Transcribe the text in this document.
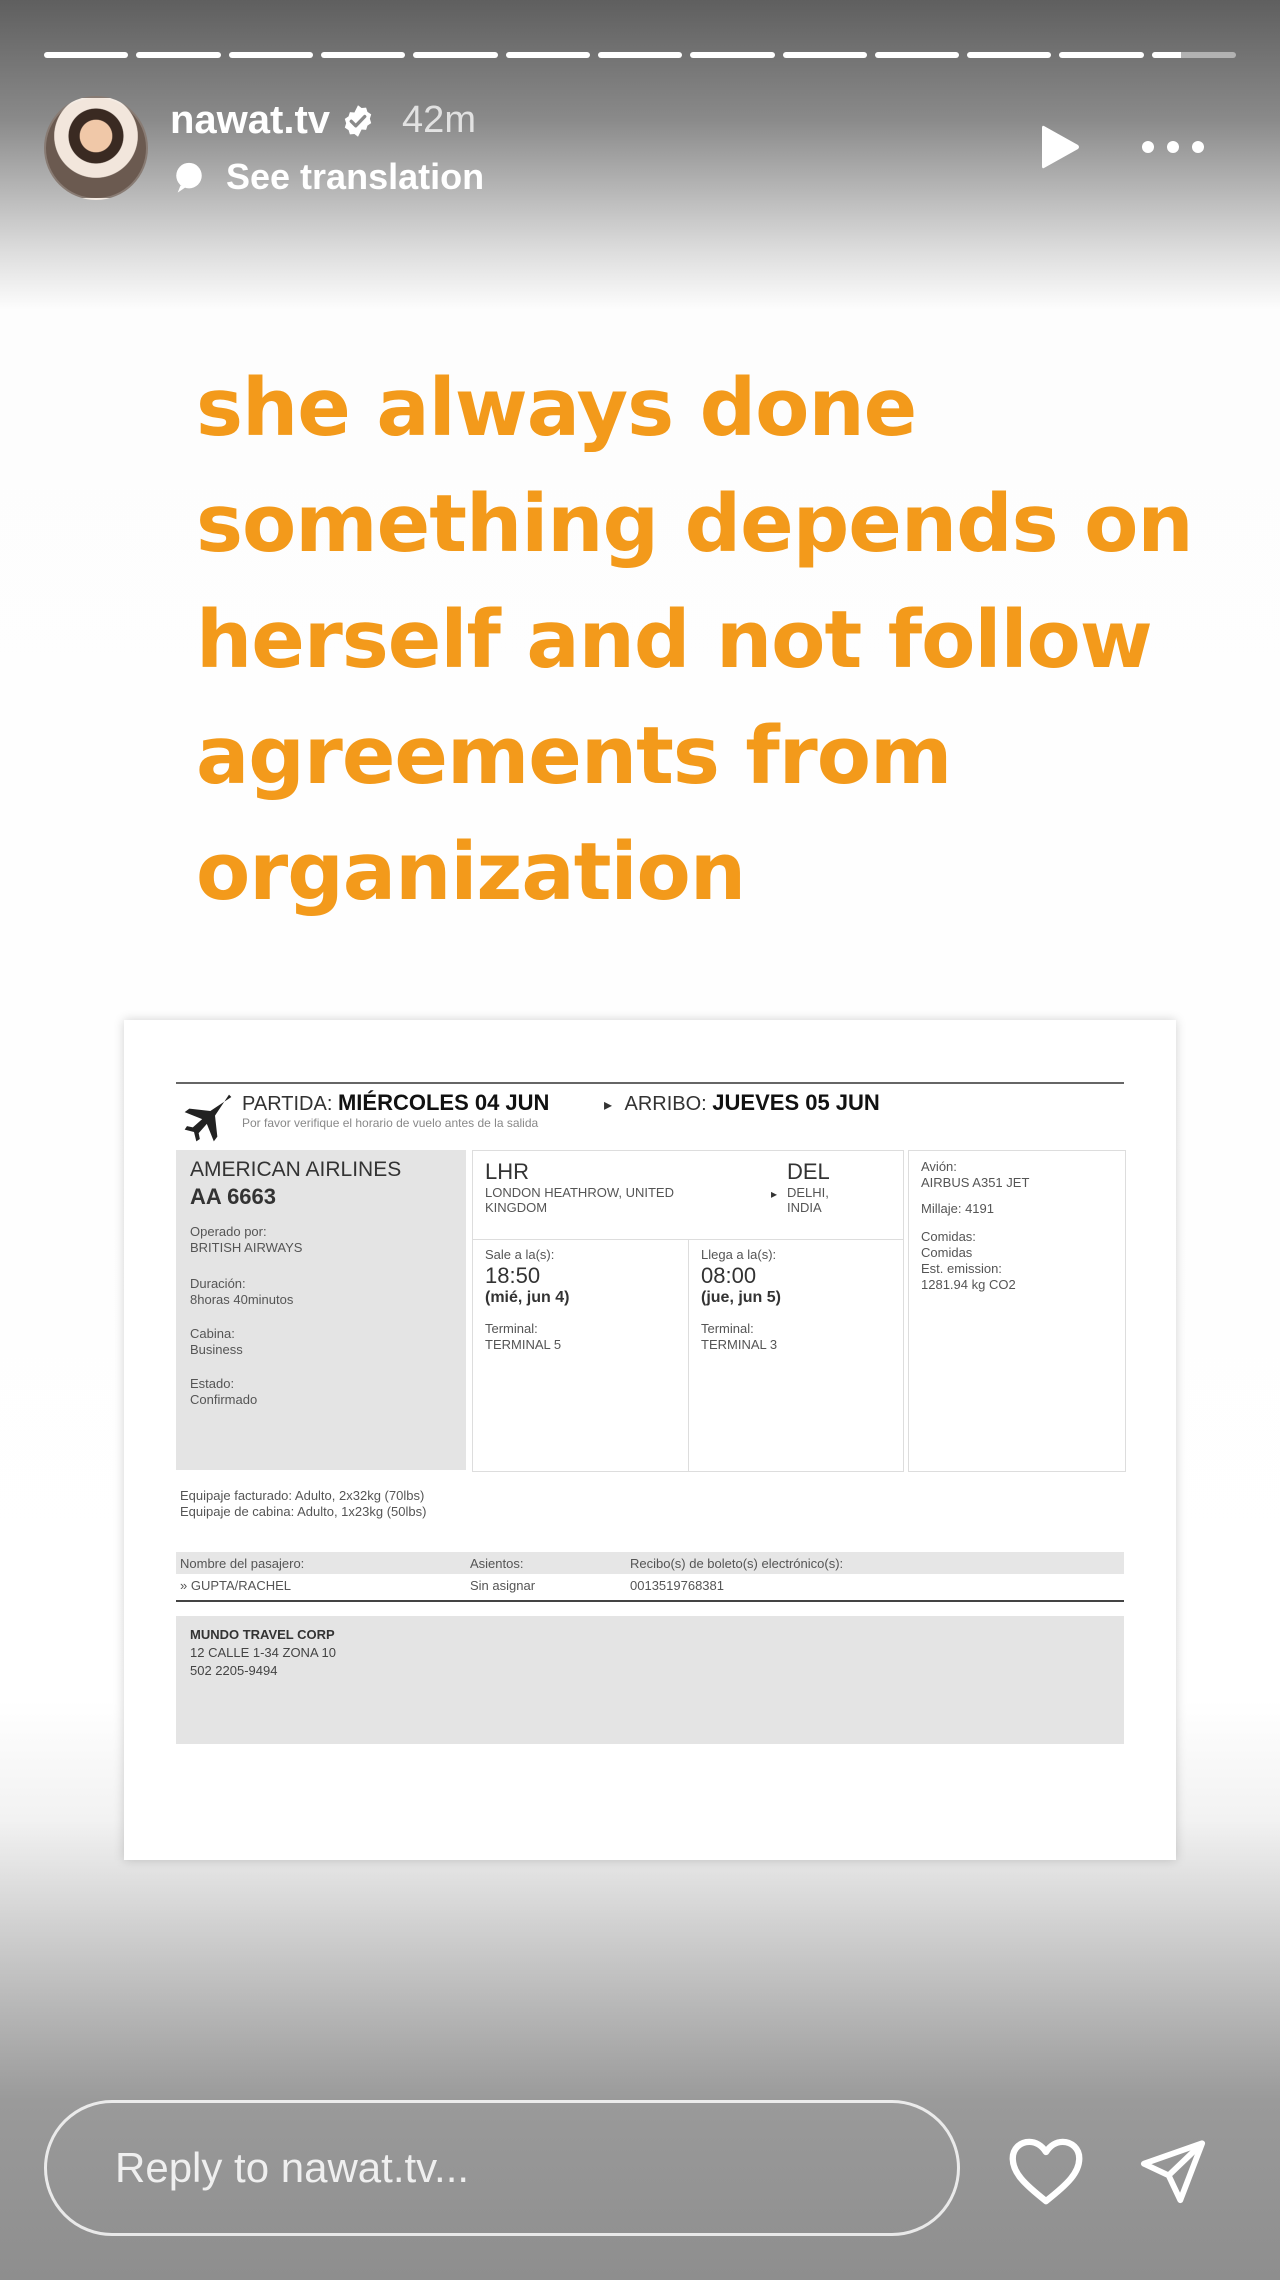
nawat.tv 42m
See translation
she always done something depends on herself and not follow agreements from organization
PARTIDA: MIÉRCOLES 04 JUN
Por favor verifique el horario de vuelo antes de la salida
▸ ARRIBO: JUEVES 05 JUN
AMERICAN AIRLINES
AA 6663
Operado por:
BRITISH AIRWAYS
Duración:
8horas 40minutos
Cabina:
Business
Estado:
Confirmado
LHR
LONDON HEATHROW, UNITED KINGDOM
DEL
DELHI, INDIA
▸
Sale a la(s):
18:50
(mié, jun 4)
Terminal:
TERMINAL 5
Llega a la(s):
08:00
(jue, jun 5)
Terminal:
TERMINAL 3
Avión:
AIRBUS A351 JET
Millaje: 4191
Comidas:
Comidas
Est. emission:
1281.94 kg CO2
Equipaje facturado: Adulto, 2x32kg (70lbs)
Equipaje de cabina: Adulto, 1x23kg (50lbs)
Nombre del pasajero:	Asientos:	Recibo(s) de boleto(s) electrónico(s):
» GUPTA/RACHEL	Sin asignar	0013519768381
MUNDO TRAVEL CORP
12 CALLE 1-34 ZONA 10
502 2205-9494
Reply to nawat.tv...
